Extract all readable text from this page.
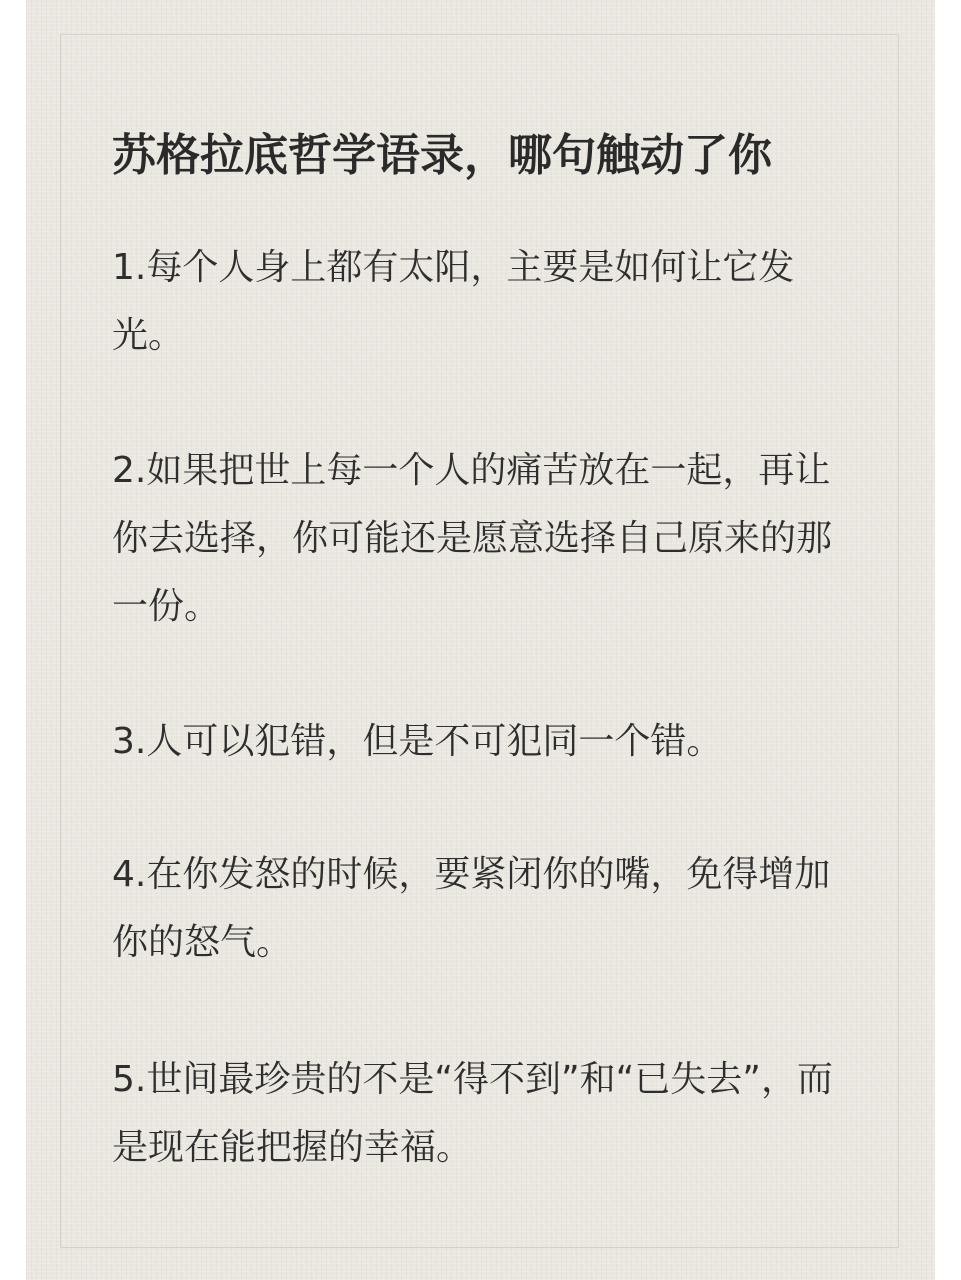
苏格拉底哲学语录，哪句触动了你

1.每个人身上都有太阳，主要是如何让它发光。

2.如果把世上每一个人的痛苦放在一起，再让你去选择，你可能还是愿意选择自己原来的那一份。

3.人可以犯错，但是不可犯同一个错。

4.在你发怒的时候，要紧闭你的嘴，免得增加你的怒气。

5.世间最珍贵的不是“得不到”和“已失去”，而是现在能把握的幸福。
